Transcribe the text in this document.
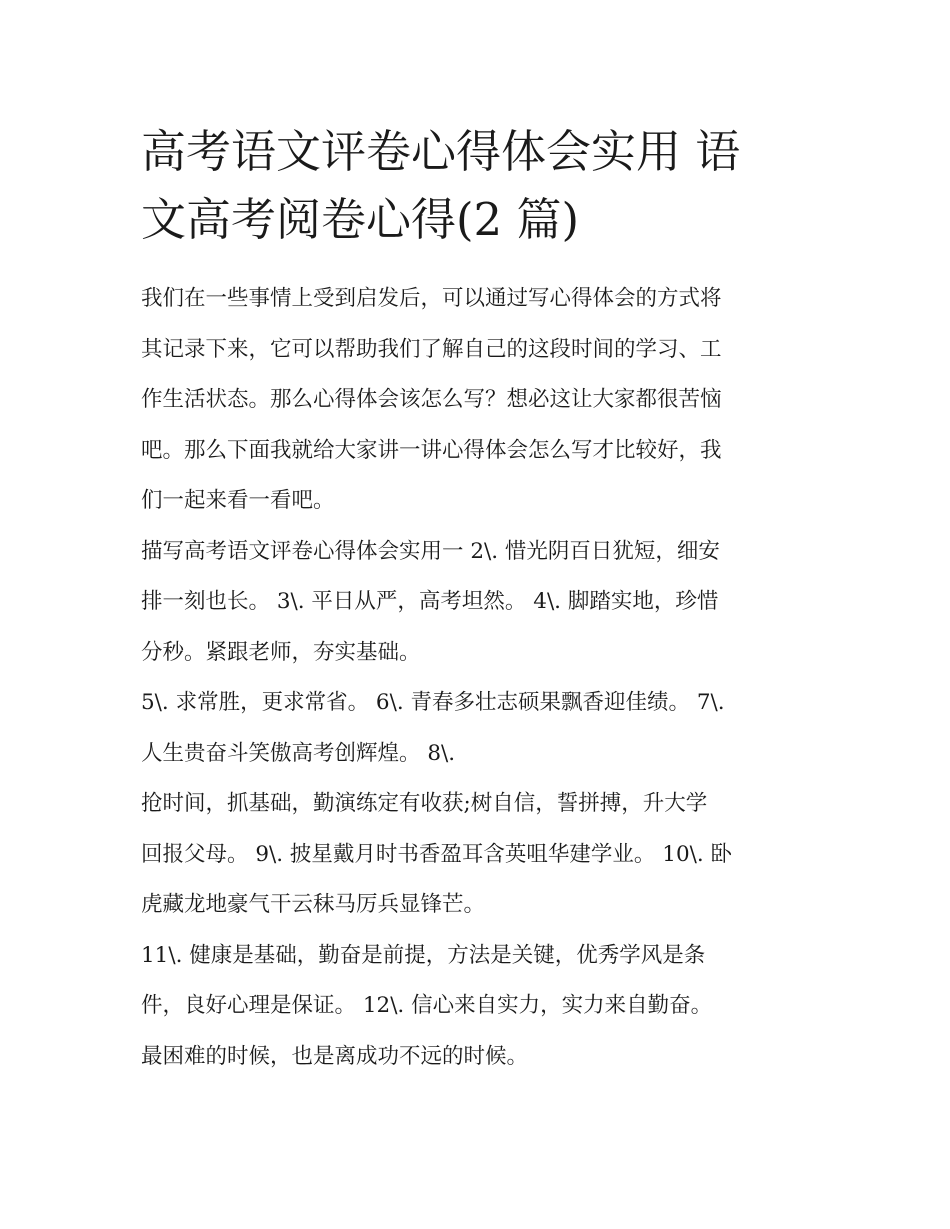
高考语文评卷心得体会实用 语
文高考阅卷心得(2 篇)

我们在一些事情上受到启发后，可以通过写心得体会的方式将
其记录下来，它可以帮助我们了解自己的这段时间的学习、工
作生活状态。那么心得体会该怎么写？想必这让大家都很苦恼
吧。那么下面我就给大家讲一讲心得体会怎么写才比较好，我
们一起来看一看吧。

描写高考语文评卷心得体会实用一 2\. 惜光阴百日犹短，细安
排一刻也长。 3\. 平日从严，高考坦然。 4\. 脚踏实地，珍惜
分秒。紧跟老师，夯实基础。

5\. 求常胜，更求常省。 6\. 青春多壮志硕果飘香迎佳绩。 7\.
人生贵奋斗笑傲高考创辉煌。 8\.

抢时间，抓基础，勤演练定有收获;树自信，誓拼搏，升大学
回报父母。 9\. 披星戴月时书香盈耳含英咀华建学业。 10\. 卧
虎藏龙地豪气干云秣马厉兵显锋芒。

11\. 健康是基础，勤奋是前提，方法是关键，优秀学风是条
件，良好心理是保证。 12\. 信心来自实力，实力来自勤奋。
最困难的时候，也是离成功不远的时候。
